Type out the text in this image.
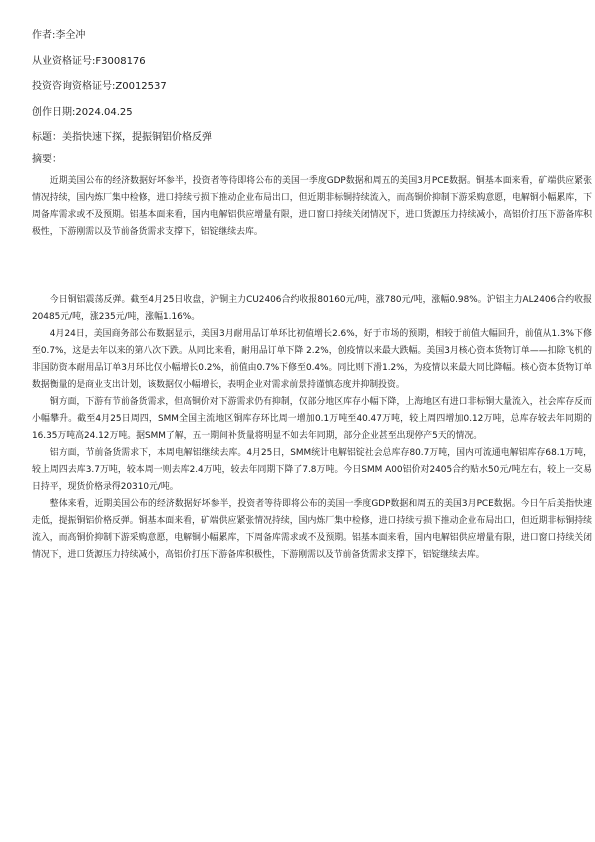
作者:李全冲
从业资格证号:F3008176
投资咨询资格证号:Z0012537
创作日期:2024.04.25
标题：美指快速下探，提振铜铝价格反弹
摘要：

近期美国公布的经济数据好坏参半，投资者等待即将公布的美国一季度GDP数据和周五的美国3月PCE数据。铜基本面来看，矿端供应紧张情况持续，国内炼厂集中检修，进口持续亏损下推动企业布局出口，但近期非标铜持续流入，而高铜价抑制下游采购意愿，电解铜小幅累库，下周备库需求或不及预期。铝基本面来看，国内电解铝供应增量有限，进口窗口持续关闭情况下，进口货源压力持续减小，高铝价打压下游备库积极性，下游刚需以及节前备货需求支撑下，铝锭继续去库。

今日铜铝震荡反弹。截至4月25日收盘，沪铜主力CU2406合约收报80160元/吨，涨780元/吨，涨幅0.98%。沪铝主力AL2406合约收报20485元/吨，涨235元/吨，涨幅1.16%。

4月24日，美国商务部公布数据显示，美国3月耐用品订单环比初值增长2.6%，好于市场的预期，相较于前值大幅回升，前值从1.3%下修至0.7%，这是去年以来的第八次下跌。从同比来看，耐用品订单下降 2.2%，创疫情以来最大跌幅。美国3月核心资本货物订单——扣除飞机的非国防资本耐用品订单3月环比仅小幅增长0.2%，前值由0.7%下修至0.4%。同比则下滑1.2%，为疫情以来最大同比降幅。核心资本货物订单数据衡量的是商业支出计划，该数据仅小幅增长，表明企业对需求前景持谨慎态度并抑制投资。

铜方面，下游有节前备货需求，但高铜价对下游需求仍有抑制，仅部分地区库存小幅下降，上海地区有进口非标铜大量流入，社会库存反而小幅攀升。截至4月25日周四，SMM全国主流地区铜库存环比周一增加0.1万吨至40.47万吨，较上周四增加0.12万吨，总库存较去年同期的16.35万吨高24.12万吨。据SMM了解，五一期间补货量将明显不如去年同期，部分企业甚至出现停产5天的情况。

铝方面，节前备货需求下，本周电解铝继续去库。4月25日，SMM统计电解铝锭社会总库存80.7万吨，国内可流通电解铝库存68.1万吨，较上周四去库3.7万吨，较本周一则去库2.4万吨，较去年同期下降了7.8万吨。今日SMM A00铝价对2405合约贴水50元/吨左右，较上一交易日持平，现货价格录得20310元/吨。

整体来看，近期美国公布的经济数据好坏参半，投资者等待即将公布的美国一季度GDP数据和周五的美国3月PCE数据。今日午后美指快速走低，提振铜铝价格反弹。铜基本面来看，矿端供应紧张情况持续，国内炼厂集中检修，进口持续亏损下推动企业布局出口，但近期非标铜持续流入，而高铜价抑制下游采购意愿，电解铜小幅累库，下周备库需求或不及预期。铝基本面来看，国内电解铝供应增量有限，进口窗口持续关闭情况下，进口货源压力持续减小，高铝价打压下游备库积极性，下游刚需以及节前备货需求支撑下，铝锭继续去库。
